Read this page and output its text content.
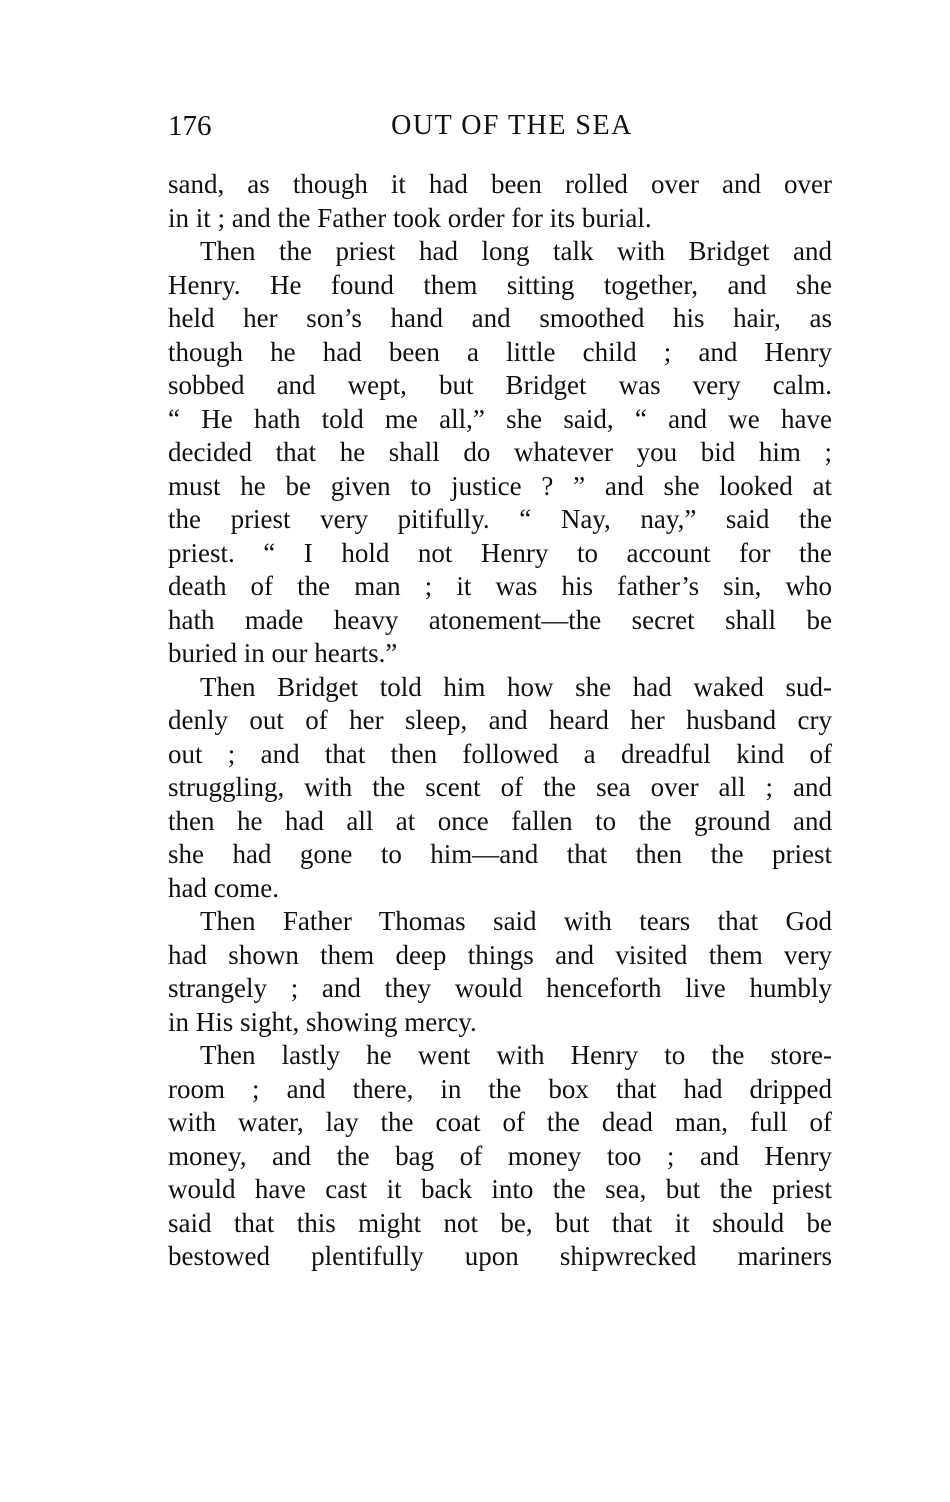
176	OUT OF THE SEA
sand, as though it had been rolled over and over
in it ; and the Father took order for its burial.
Then the priest had long talk with Bridget and
Henry. He found them sitting together, and she
held her son’s hand and smoothed his hair, as
though he had been a little child ; and Henry
sobbed and wept, but Bridget was very calm.
“ He hath told me all,” she said, “ and we have
decided that he shall do whatever you bid him ;
must he be given to justice ? ” and she looked at
the priest very pitifully. “ Nay, nay,” said the
priest. “ I hold not Henry to account for the
death of the man ; it was his father’s sin, who
hath made heavy atonement—the secret shall be
buried in our hearts.”
Then Bridget told him how she had waked sud-
denly out of her sleep, and heard her husband cry
out ; and that then followed a dreadful kind of
struggling, with the scent of the sea over all ; and
then he had all at once fallen to the ground and
she had gone to him—and that then the priest
had come.
Then Father Thomas said with tears that God
had shown them deep things and visited them very
strangely ; and they would henceforth live humbly
in His sight, showing mercy.
Then lastly he went with Henry to the store-
room ; and there, in the box that had dripped
with water, lay the coat of the dead man, full of
money, and the bag of money too ; and Henry
would have cast it back into the sea, but the priest
said that this might not be, but that it should be
bestowed plentifully upon shipwrecked mariners
